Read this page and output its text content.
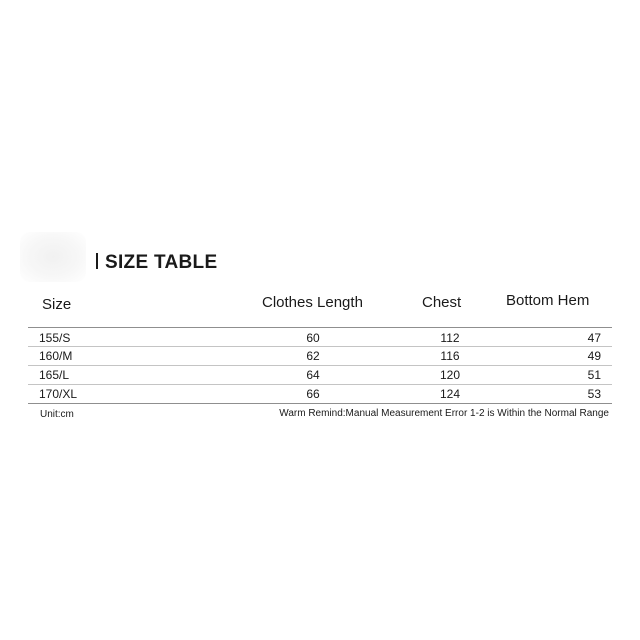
SIZE TABLE
Size	Clothes Length	Chest	Bottom Hem
155/S	60	112	47
160/M	62	116	49
165/L	64	120	51
170/XL	66	124	53
Unit:cm	Warm Remind:Manual Measurement Error 1-2 is Within the Normal Range
